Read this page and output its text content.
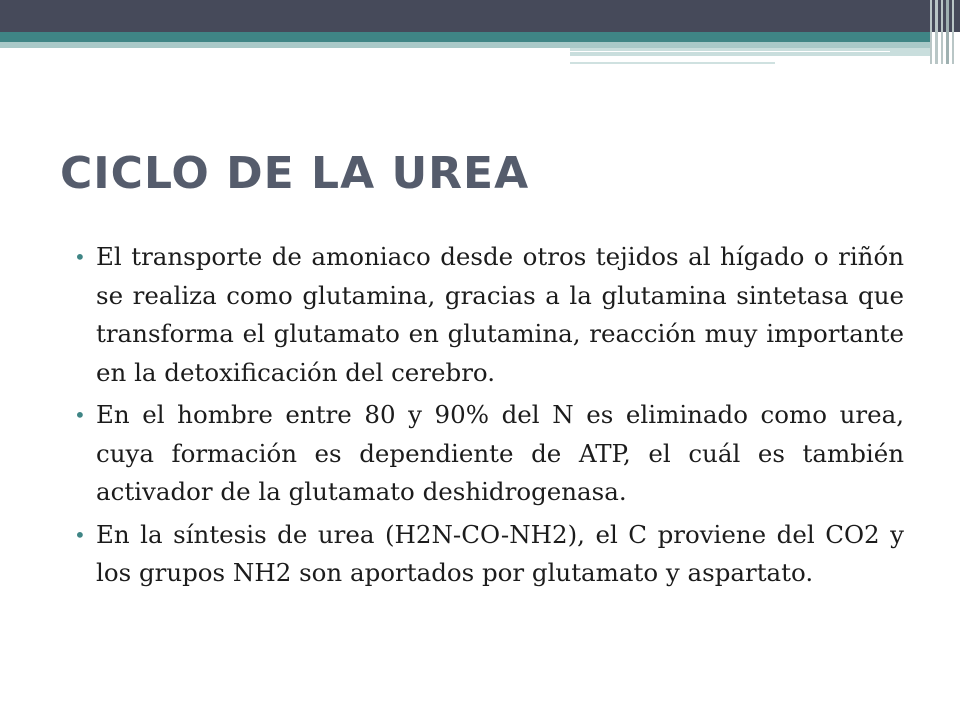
CICLO DE LA UREA
• El transporte de amoniaco desde otros tejidos al hígado o riñón se realiza como glutamina, gracias a la glutamina sintetasa que transforma el glutamato en glutamina, reacción muy importante en la detoxificación del cerebro.
• En el hombre entre 80 y 90% del N es eliminado como urea, cuya formación es dependiente de ATP, el cuál es también activador de la glutamato deshidrogenasa.
• En la síntesis de urea (H2N-CO-NH2), el C proviene del CO2 y los grupos NH2 son aportados por glutamato y aspartato.
